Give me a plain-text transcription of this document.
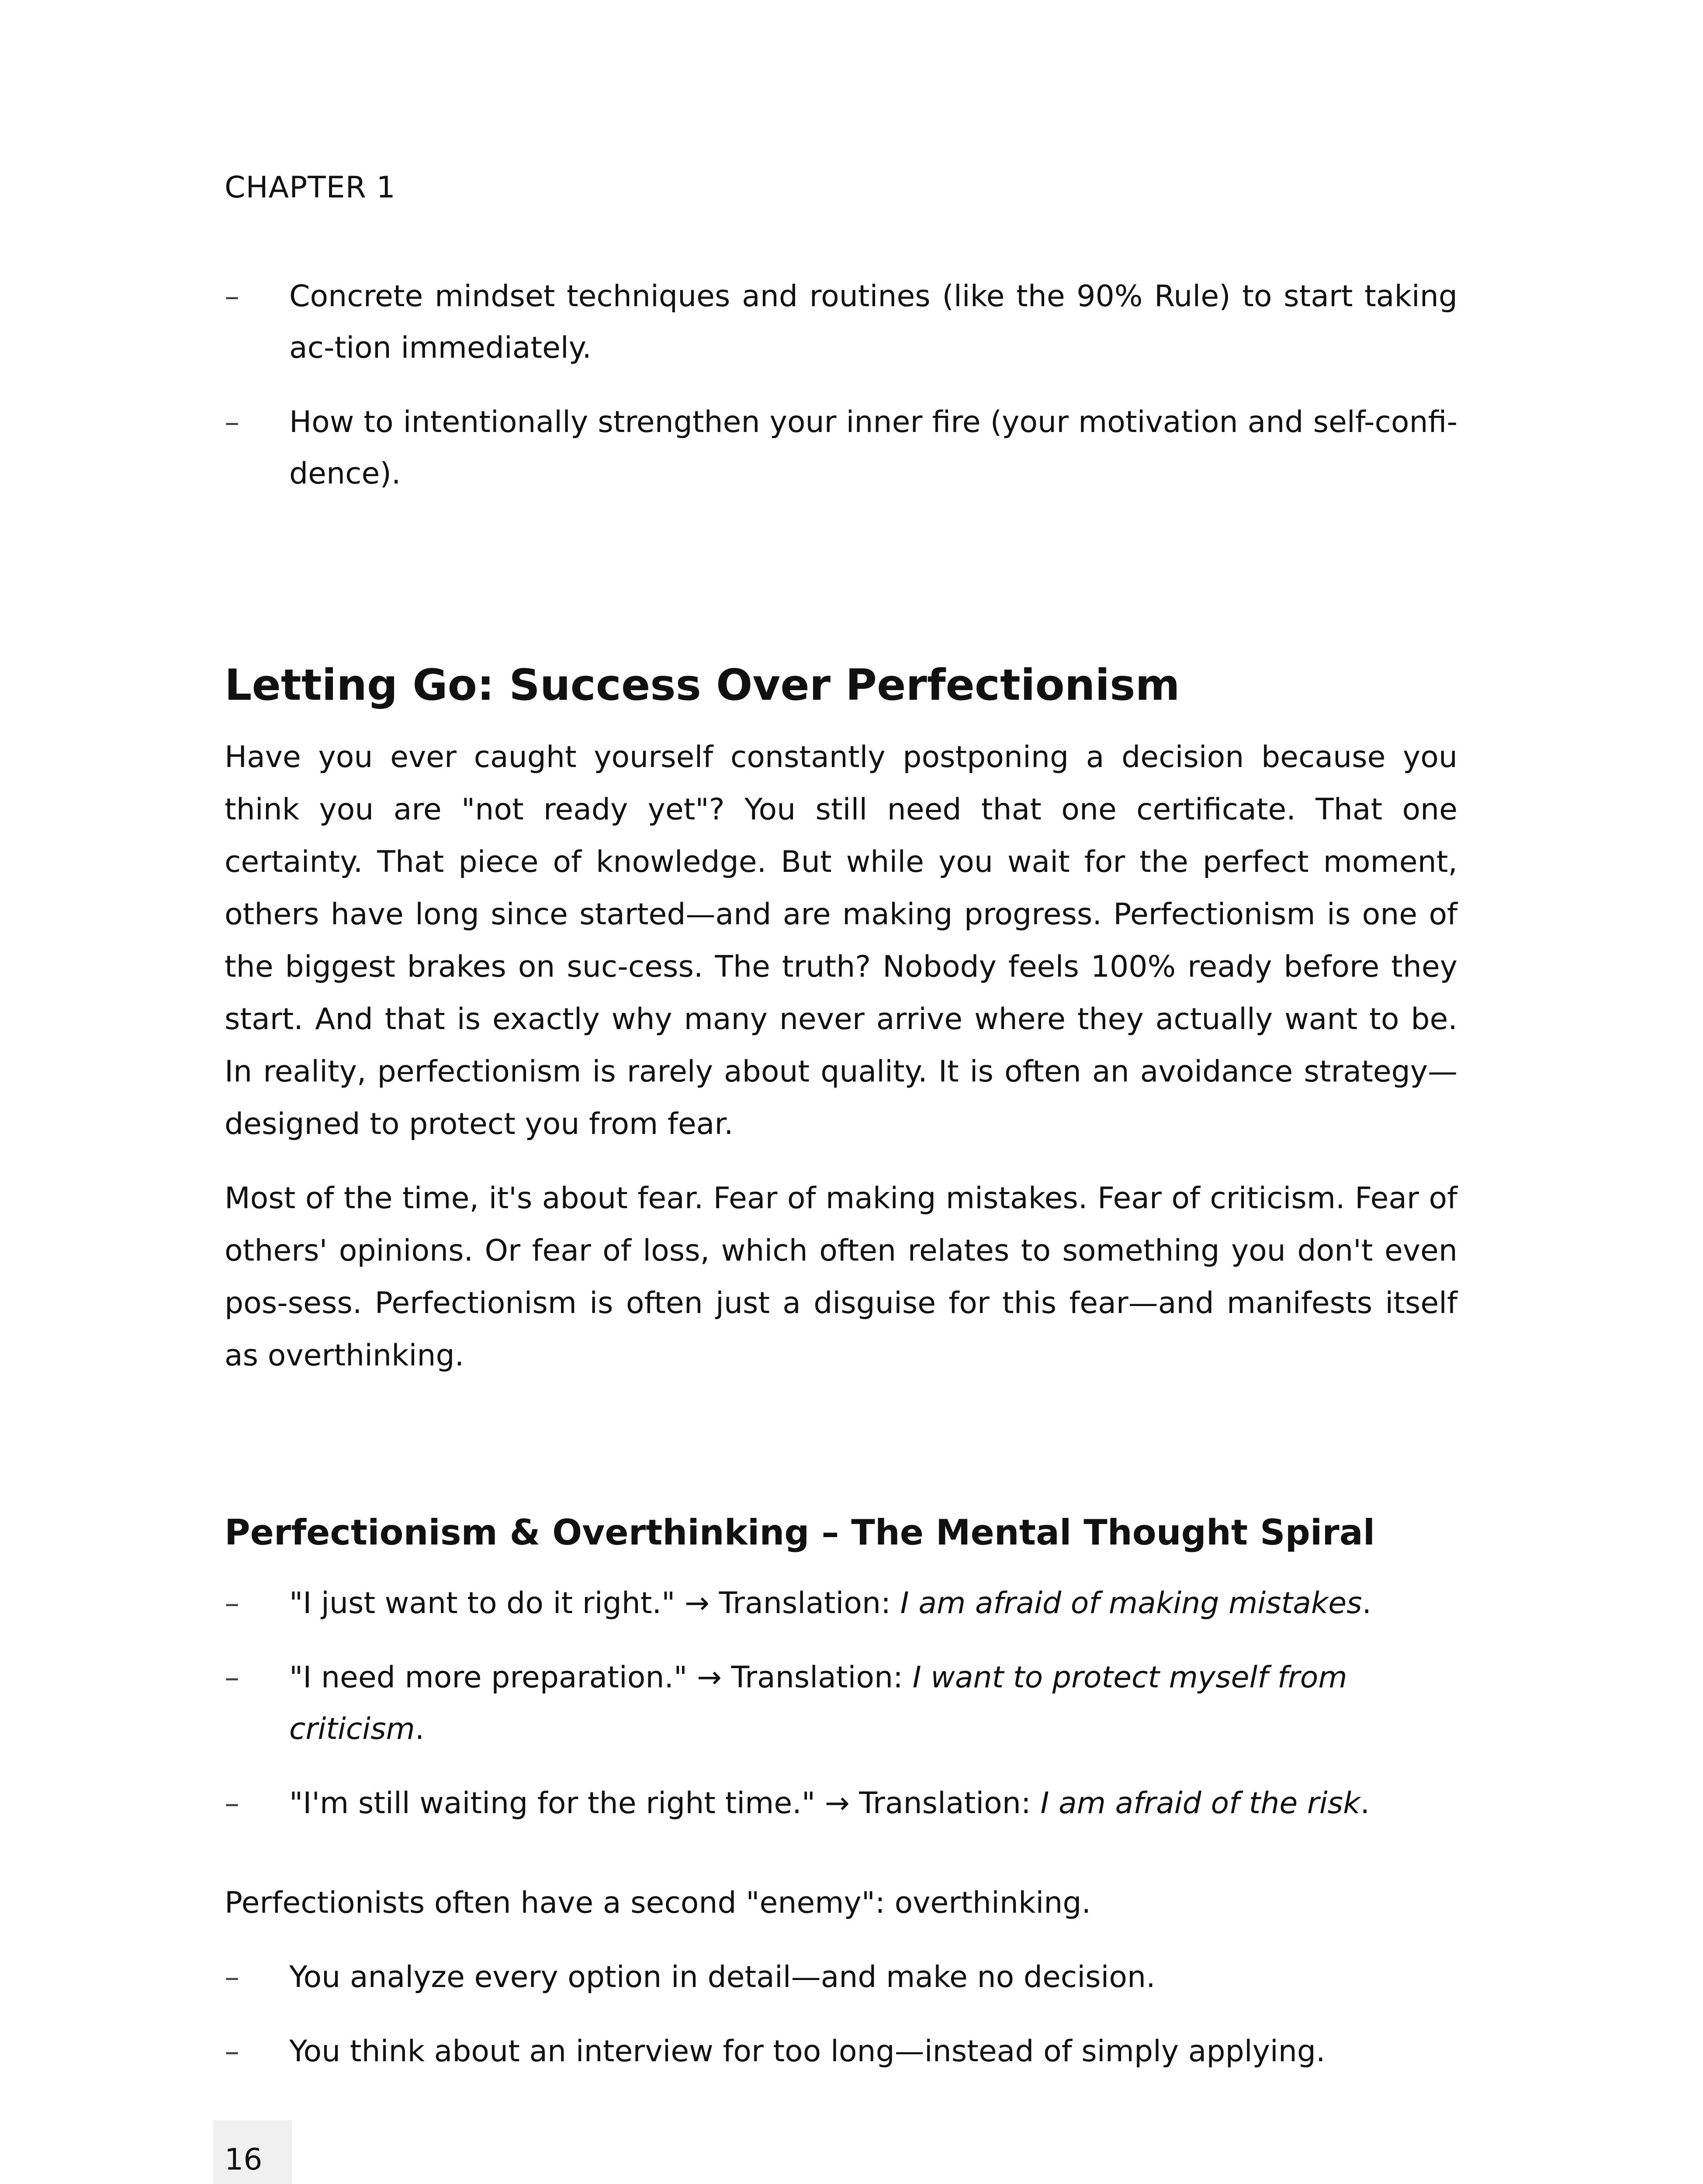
CHAPTER 1

– Concrete mindset techniques and routines (like the 90% Rule) to start taking ac-tion immediately.
– How to intentionally strengthen your inner fire (your motivation and self-confi-dence).
Letting Go: Success Over Perfectionism

Have you ever caught yourself constantly postponing a decision because you think you are "not ready yet"? You still need that one certificate. That one certainty. That piece of knowledge. But while you wait for the perfect moment, others have long since started—and are making progress. Perfectionism is one of the biggest brakes on suc-cess. The truth? Nobody feels 100% ready before they start. And that is exactly why many never arrive where they actually want to be. In reality, perfectionism is rarely about quality. It is often an avoidance strategy—designed to protect you from fear.

Most of the time, it's about fear. Fear of making mistakes. Fear of criticism. Fear of others' opinions. Or fear of loss, which often relates to something you don't even pos-sess. Perfectionism is often just a disguise for this fear—and manifests itself as overthinking.

Perfectionism & Overthinking – The Mental Thought Spiral
– "I just want to do it right." → Translation: I am afraid of making mistakes.
– "I need more preparation." → Translation: I want to protect myself from criticism.
– "I'm still waiting for the right time." → Translation: I am afraid of the risk.

Perfectionists often have a second "enemy": overthinking.

– You analyze every option in detail—and make no decision.
– You think about an interview for too long—instead of simply applying.
16
